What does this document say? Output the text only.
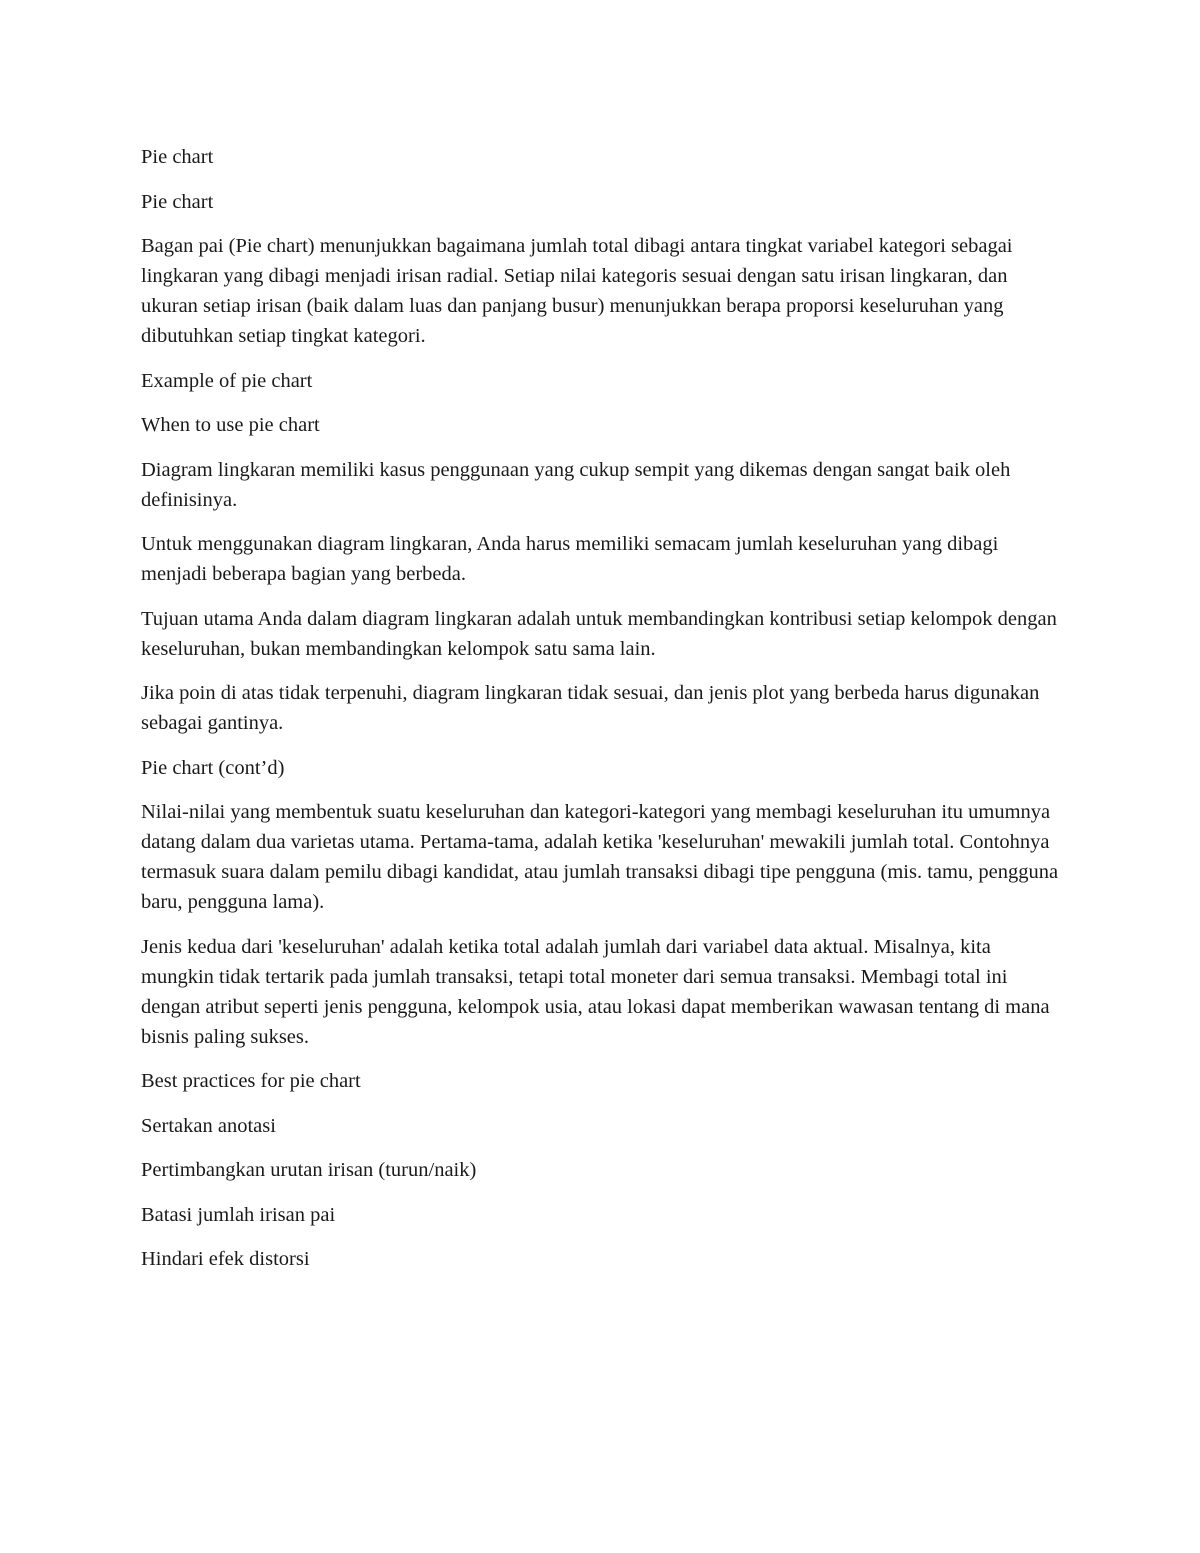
Pie chart

Pie chart

Bagan pai (Pie chart) menunjukkan bagaimana jumlah total dibagi antara tingkat variabel kategori sebagai lingkaran yang dibagi menjadi irisan radial. Setiap nilai kategoris sesuai dengan satu irisan lingkaran, dan ukuran setiap irisan (baik dalam luas dan panjang busur) menunjukkan berapa proporsi keseluruhan yang dibutuhkan setiap tingkat kategori.

Example of pie chart

When to use pie chart

Diagram lingkaran memiliki kasus penggunaan yang cukup sempit yang dikemas dengan sangat baik oleh definisinya.

Untuk menggunakan diagram lingkaran, Anda harus memiliki semacam jumlah keseluruhan yang dibagi menjadi beberapa bagian yang berbeda.

Tujuan utama Anda dalam diagram lingkaran adalah untuk membandingkan kontribusi setiap kelompok dengan keseluruhan, bukan membandingkan kelompok satu sama lain.

Jika poin di atas tidak terpenuhi, diagram lingkaran tidak sesuai, dan jenis plot yang berbeda harus digunakan sebagai gantinya.

Pie chart (cont’d)

Nilai-nilai yang membentuk suatu keseluruhan dan kategori-kategori yang membagi keseluruhan itu umumnya datang dalam dua varietas utama. Pertama-tama, adalah ketika 'keseluruhan' mewakili jumlah total. Contohnya termasuk suara dalam pemilu dibagi kandidat, atau jumlah transaksi dibagi tipe pengguna (mis. tamu, pengguna baru, pengguna lama).

Jenis kedua dari 'keseluruhan' adalah ketika total adalah jumlah dari variabel data aktual. Misalnya, kita mungkin tidak tertarik pada jumlah transaksi, tetapi total moneter dari semua transaksi. Membagi total ini dengan atribut seperti jenis pengguna, kelompok usia, atau lokasi dapat memberikan wawasan tentang di mana bisnis paling sukses.

Best practices for pie chart

Sertakan anotasi

Pertimbangkan urutan irisan (turun/naik)

Batasi jumlah irisan pai

Hindari efek distorsi
